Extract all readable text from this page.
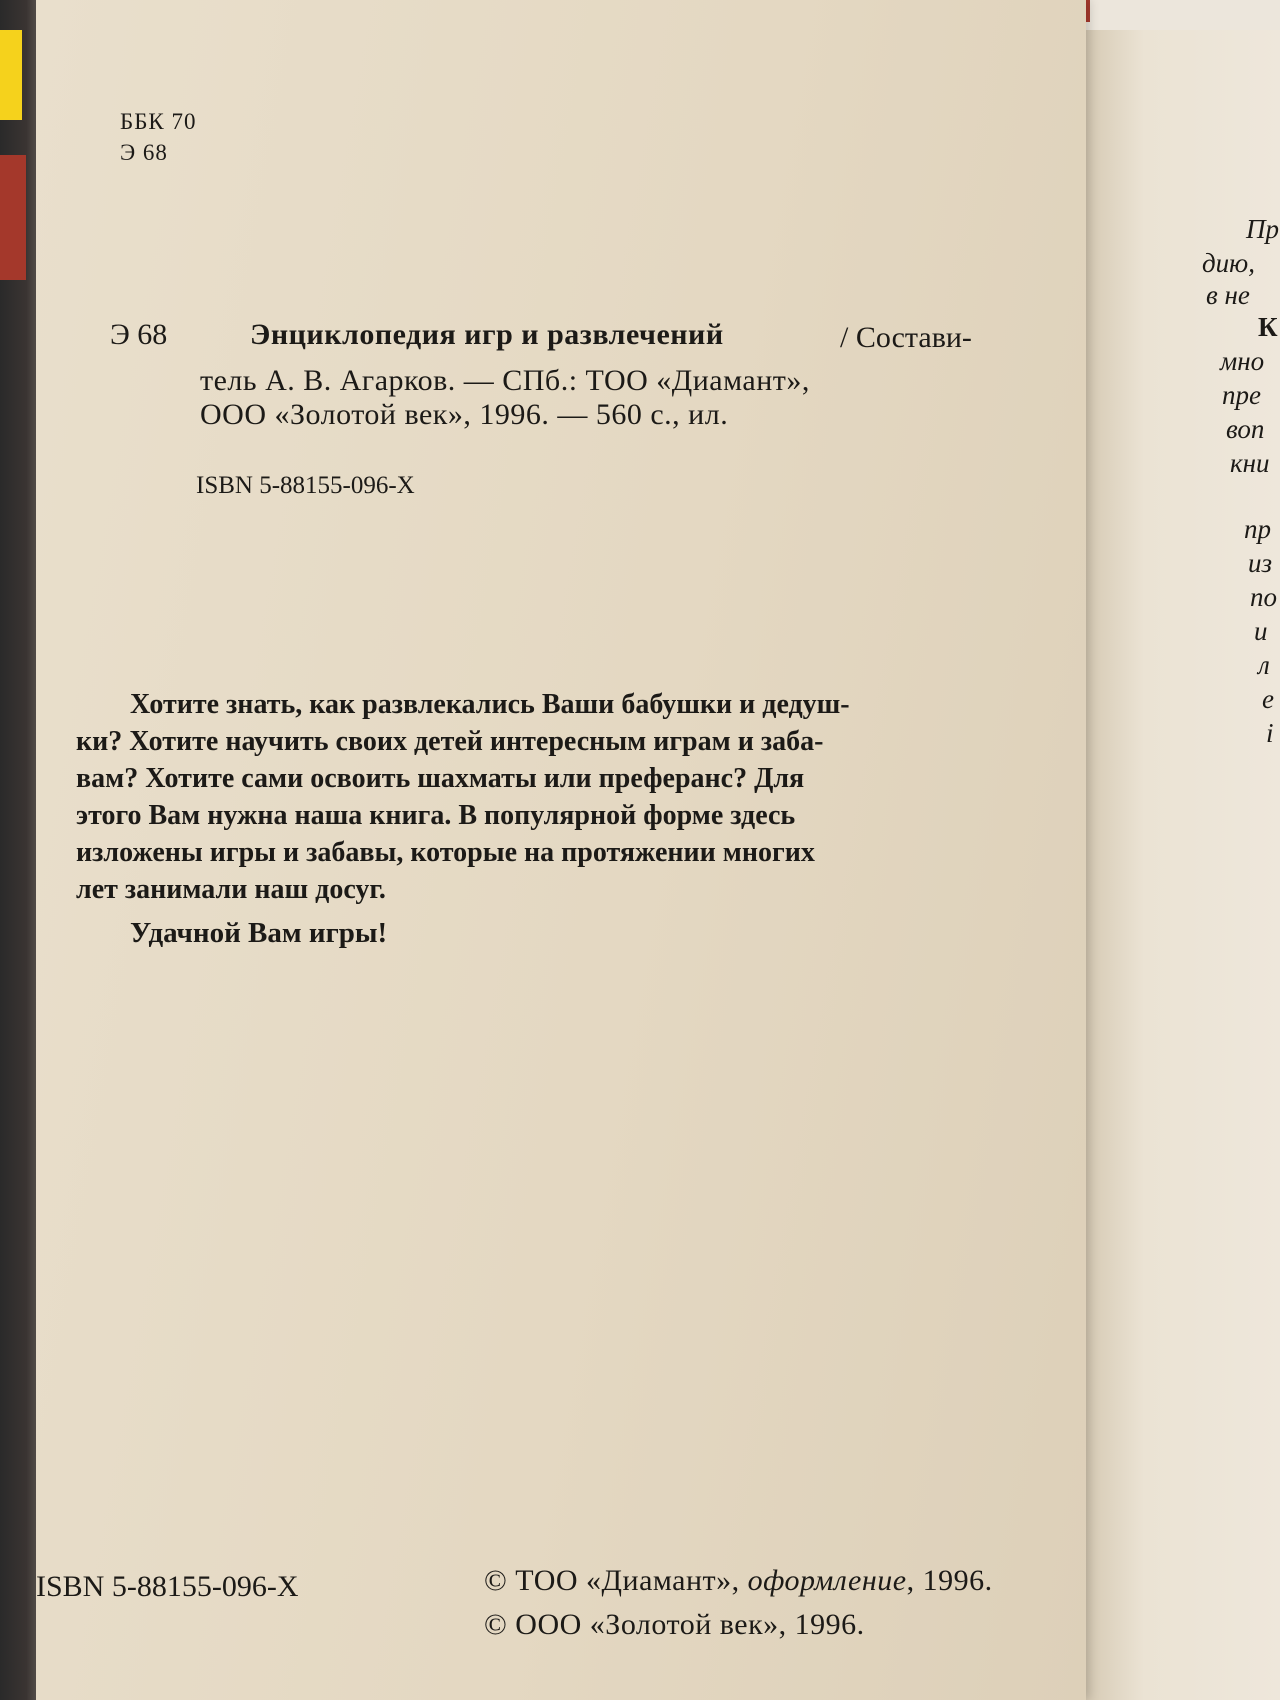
ББК 70
Э 68
Э 68	Энциклопедия игр и развлечений	/ Состави-
тель А. В. Агарков. — СПб.: ТОО «Диамант»,
ООО «Золотой век», 1996. — 560 с., ил.
ISBN 5-88155-096-X
Хотите знать, как развлекались Ваши бабушки и дедуш-
ки? Хотите научить своих детей интересным играм и заба-
вам? Хотите сами освоить шахматы или преферанс? Для
этого Вам нужна наша книга. В популярной форме здесь
изложены игры и забавы, которые на протяжении многих
лет занимали наш досуг.
Удачной Вам игры!
ISBN 5-88155-096-X	© ТОО «Диамант», оформление, 1996.
© ООО «Золотой век», 1996.
Пр
дию,
в не
К
мно
пре
воп
кни
пр
из
по
и
л
е
і
